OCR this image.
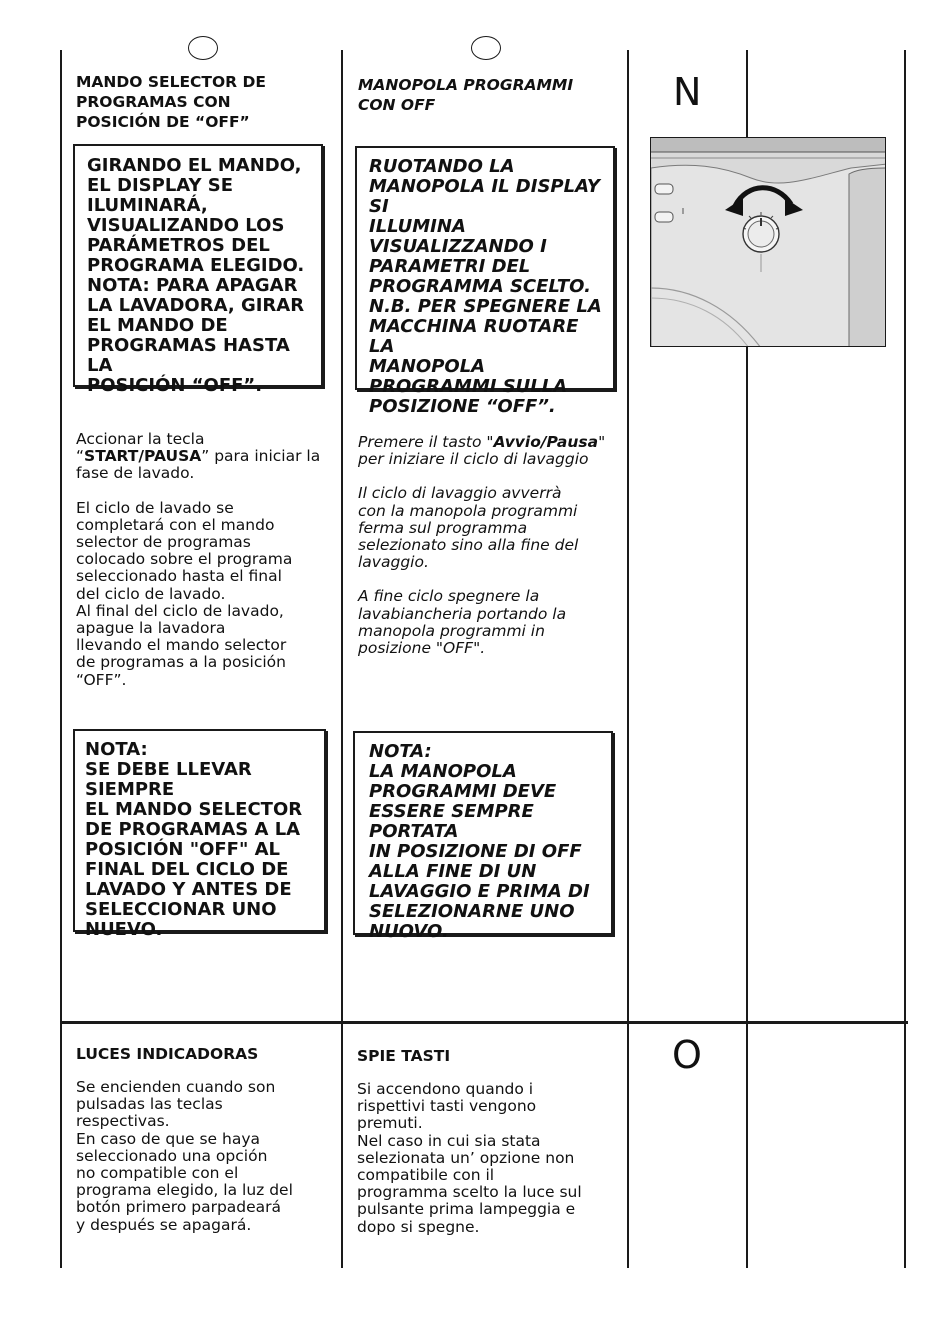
MANDO SELECTOR DE
PROGRAMAS CON
POSICIÓN DE “OFF”

GIRANDO EL MANDO,

EL DISPLAY SE

ILUMINARÁ,

VISUALIZANDO LOS

PARÁMETROS DEL

PROGRAMA ELEGIDO.

NOTA: PARA APAGAR

LA LAVADORA, GIRAR

EL MANDO DE

PROGRAMAS HASTA LA

POSICIÓN “OFF”.

Accionar la tecla
“START/PAUSA” para iniciar la
fase de lavado.

El ciclo de lavado se
completará con el mando
selector de programas
colocado sobre el programa
seleccionado hasta el final
del ciclo de lavado.
Al final del ciclo de lavado,
apague la lavadora
llevando el mando selector
de programas a la posición
“OFF”.

NOTA:

SE DEBE LLEVAR SIEMPRE

EL MANDO SELECTOR

DE PROGRAMAS A LA

POSICIÓN "OFF" AL

FINAL DEL CICLO DE

LAVADO Y ANTES DE

SELECCIONAR UNO

NUEVO.

MANOPOLA PROGRAMMI
CON OFF

RUOTANDO LA

MANOPOLA IL DISPLAY SI

ILLUMINA

VISUALIZZANDO I

PARAMETRI DEL

PROGRAMMA SCELTO.

N.B. PER SPEGNERE LA

MACCHINA RUOTARE LA

MANOPOLA

PROGRAMMI SULLA

POSIZIONE “OFF”.

Premere il tasto "Avvio/Pausa"
per iniziare il ciclo di lavaggio

Il ciclo di lavaggio avverrà
con la manopola programmi
ferma sul programma
selezionato sino alla fine del
lavaggio.

A fine ciclo spegnere la
lavabiancheria portando la
manopola programmi in
posizione "OFF".

NOTA:

LA MANOPOLA

PROGRAMMI DEVE

ESSERE SEMPRE PORTATA

IN POSIZIONE DI OFF

ALLA FINE DI UN

LAVAGGIO E PRIMA DI

SELEZIONARNE UNO

NUOVO.

N
LUCES INDICADORAS

Se encienden cuando son
pulsadas las teclas
respectivas.
En caso de que se haya
seleccionado una opción
no compatible con el
programa elegido, la luz del
botón primero parpadeará
y después se apagará.

SPIE TASTI

Si accendono quando i
rispettivi tasti vengono
premuti.
Nel caso in cui sia stata
selezionata un’ opzione non
compatibile con il
programma scelto la luce sul
pulsante prima lampeggia e
dopo si spegne.

O
